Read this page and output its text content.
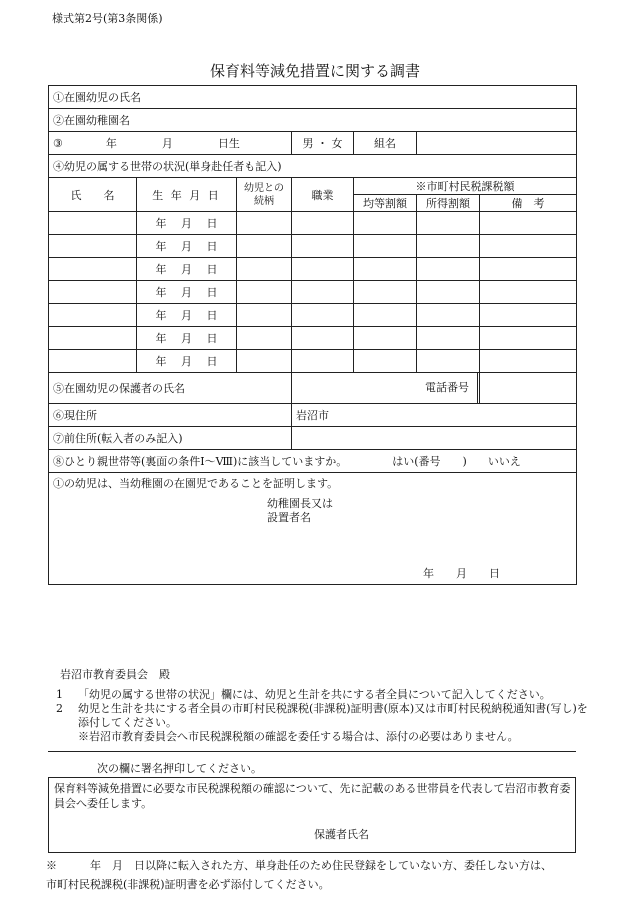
様式第2号(第3条関係)
保育料等減免措置に関する調書
①在園幼児の氏名						
②在園幼稚園名						
③ 年 月 日生			男 ・ 女	組名		
④幼児の属する世帯の状況(単身赴任者も記入)						
氏　　名	生 年 月 日	幼児との続柄	職業	※市町村民税課税額		
				均等割額	所得割額	備　考
	年　 月　 日					
	年　 月　 日					
	年　 月　 日					
	年　 月　 日					
	年　 月　 日					
	年　 月　 日					
	年　 月　 日					
⑤在園幼児の保護者の氏名						電話番号
⑥現住所			岩沼市			
⑦前住所(転入者のみ記入)						
⑧ひとり親世帯等(裏面の条件Ⅰ～Ⅷ)に該当していますか。 はい(番号　　) いいえ						

①の幼児は、当幼稚園の在園児であることを証明します。
幼稚園長又は
設置者名
年　　月　　日						
岩沼市教育委員会　殿
1 「幼児の属する世帯の状況」欄には、幼児と生計を共にする者全員について記入してください。
2 幼児と生計を共にする者全員の市町村民税課税(非課税)証明書(原本)又は市町村民税納税通知書(写し)を添付してください。
※岩沼市教育委員会へ市民税課税額の確認を委任する場合は、添付の必要はありません。
次の欄に署名押印してください。
保育料等減免措置に必要な市民税課税額の確認について、先に記載のある世帯員を代表して岩沼市教育委員会へ委任します。
保護者氏名
※　　　年　月　日以降に転入された方、単身赴任のため住民登録をしていない方、委任しない方は、
市町村民税課税(非課税)証明書を必ず添付してください。
